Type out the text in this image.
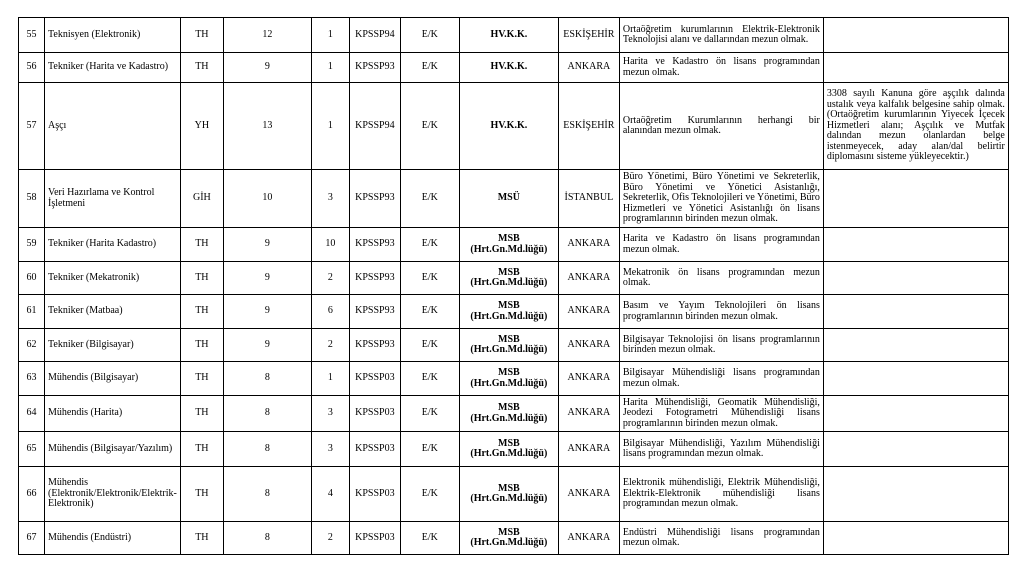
55	Teknisyen (Elektronik)	TH	12	1	KPSSP94	E/K	HV.K.K.	ESKİŞEHİR	Ortaöğretim kurumlarının Elektrik-Elektronik Teknolojisi alanı ve dallarından mezun olmak.	
56	Tekniker (Harita ve Kadastro)	TH	9	1	KPSSP93	E/K	HV.K.K.	ANKARA	Harita ve Kadastro ön lisans programından mezun olmak.	
57	Aşçı	YH	13	1	KPSSP94	E/K	HV.K.K.	ESKİŞEHİR	Ortaöğretim Kurumlarının herhangi bir alanından mezun olmak.	3308 sayılı Kanuna göre aşçılık dalında ustalık veya kalfalık belgesine sahip olmak. (Ortaöğretim kurumlarının Yiyecek İçecek Hizmetleri alanı; Aşçılık ve Mutfak dalından mezun olanlardan belge istenmeyecek, aday alan/dal belirtir diplomasını sisteme yükleyecektir.)
58	Veri Hazırlama ve Kontrol İşletmeni	GİH	10	3	KPSSP93	E/K	MSÜ	İSTANBUL	Büro Yönetimi, Büro Yönetimi ve Sekreterlik, Büro Yönetimi ve Yönetici Asistanlığı, Sekreterlik, Ofis Teknolojileri ve Yönetimi, Büro Hizmetleri ve Yönetici Asistanlığı ön lisans programlarının birinden mezun olmak.	
59	Tekniker (Harita Kadastro)	TH	9	10	KPSSP93	E/K	MSB (Hrt.Gn.Md.lüğü)	ANKARA	Harita ve Kadastro ön lisans programından mezun olmak.	
60	Tekniker (Mekatronik)	TH	9	2	KPSSP93	E/K	MSB (Hrt.Gn.Md.lüğü)	ANKARA	Mekatronik ön lisans programından mezun olmak.	
61	Tekniker (Matbaa)	TH	9	6	KPSSP93	E/K	MSB (Hrt.Gn.Md.lüğü)	ANKARA	Basım ve Yayım Teknolojileri ön lisans programlarının birinden mezun olmak.	
62	Tekniker (Bilgisayar)	TH	9	2	KPSSP93	E/K	MSB (Hrt.Gn.Md.lüğü)	ANKARA	Bilgisayar Teknolojisi ön lisans programlarının birinden mezun olmak.	
63	Mühendis (Bilgisayar)	TH	8	1	KPSSP03	E/K	MSB (Hrt.Gn.Md.lüğü)	ANKARA	Bilgisayar Mühendisliği lisans programından mezun olmak.	
64	Mühendis (Harita)	TH	8	3	KPSSP03	E/K	MSB (Hrt.Gn.Md.lüğü)	ANKARA	Harita Mühendisliği, Geomatik Mühendisliği, Jeodezi Fotogrametri Mühendisliği lisans programlarının birinden mezun olmak.	
65	Mühendis (Bilgisayar/Yazılım)	TH	8	3	KPSSP03	E/K	MSB (Hrt.Gn.Md.lüğü)	ANKARA	Bilgisayar Mühendisliği, Yazılım Mühendisliği lisans programından mezun olmak.	
66	Mühendis (Elektronik/Elektronik/Elektrik-Elektronik)	TH	8	4	KPSSP03	E/K	MSB (Hrt.Gn.Md.lüğü)	ANKARA	Elektronik mühendisliği, Elektrik Mühendisliği, Elektrik-Elektronik mühendisliği lisans programından mezun olmak.	
67	Mühendis (Endüstri)	TH	8	2	KPSSP03	E/K	MSB (Hrt.Gn.Md.lüğü)	ANKARA	Endüstri Mühendisliği lisans programından mezun olmak.	
